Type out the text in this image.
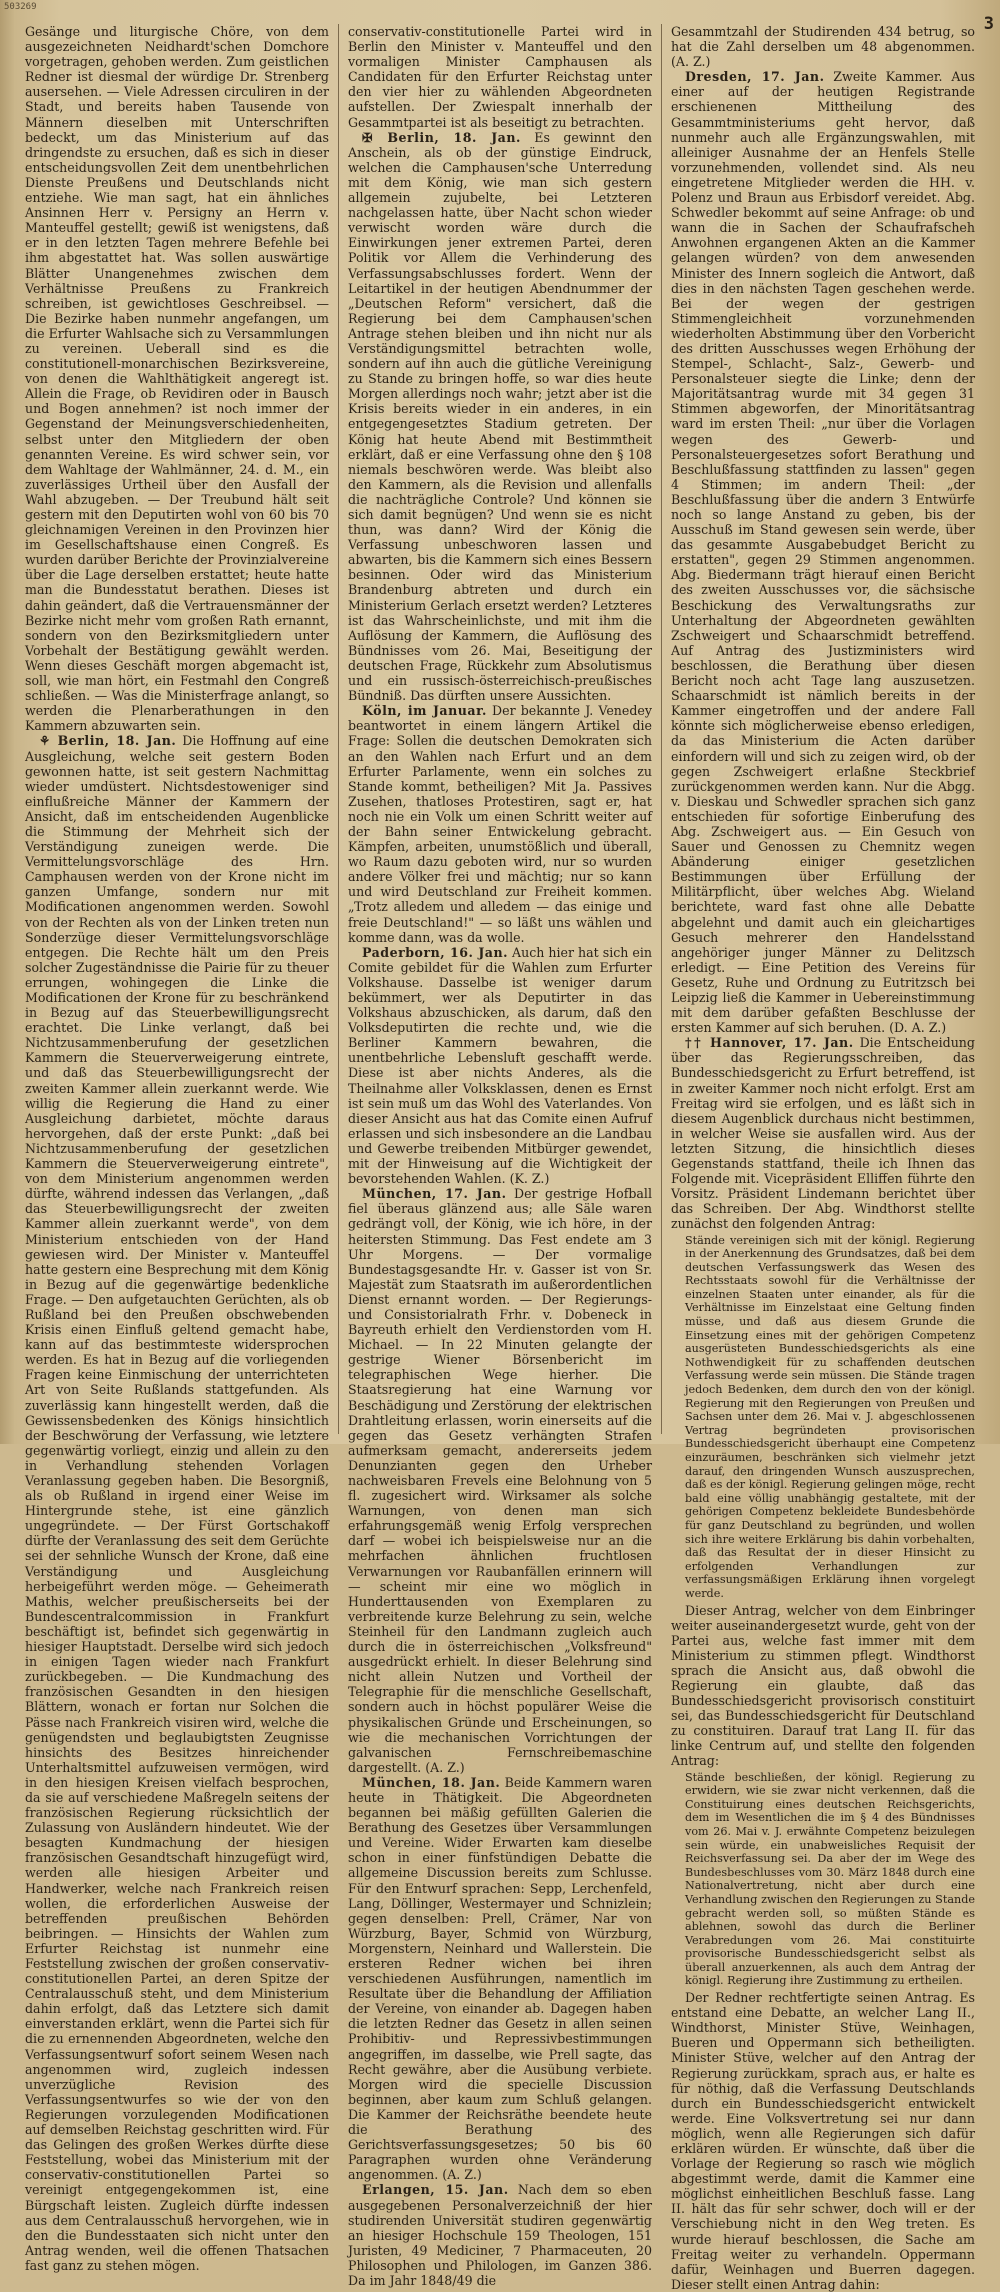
503269
3

Gesänge und liturgische Chöre, von dem ausgezeichneten Neidhardt'schen Domchore vorgetragen, gehoben werden. Zum geistlichen Redner ist diesmal der würdige Dr. Strenberg ausersehen. — Viele Adressen circuliren in der Stadt, und bereits haben Tausende von Männern dieselben mit Unterschriften bedeckt, um das Ministerium auf das dringendste zu ersuchen, daß es sich in dieser entscheidungsvollen Zeit dem unentbehrlichen Dienste Preußens und Deutschlands nicht entziehe. Wie man sagt, hat ein ähnliches Ansinnen Herr v. Persigny an Herrn v. Manteuffel gestellt; gewiß ist wenigstens, daß er in den letzten Tagen mehrere Befehle bei ihm abgestattet hat. Was sollen auswärtige Blätter Unangenehmes zwischen dem Verhältnisse Preußens zu Frankreich schreiben, ist gewichtloses Geschreibsel. — Die Bezirke haben nunmehr angefangen, um die Erfurter Wahlsache sich zu Versammlungen zu vereinen. Ueberall sind es die constitutionell-monarchischen Bezirksvereine, von denen die Wahlthätigkeit angeregt ist. Allein die Frage, ob Revidiren oder in Bausch und Bogen annehmen? ist noch immer der Gegenstand der Meinungsverschiedenheiten, selbst unter den Mitgliedern der oben genannten Vereine. Es wird schwer sein, vor dem Wahltage der Wahlmänner, 24. d. M., ein zuverlässiges Urtheil über den Ausfall der Wahl abzugeben. — Der Treubund hält seit gestern mit den Deputirten wohl von 60 bis 70 gleichnamigen Vereinen in den Provinzen hier im Gesellschaftshause einen Congreß. Es wurden darüber Berichte der Provinzialvereine über die Lage derselben erstattet; heute hatte man die Bundesstatut berathen. Dieses ist dahin geändert, daß die Vertrauensmänner der Bezirke nicht mehr vom großen Rath ernannt, sondern von den Bezirksmitgliedern unter Vorbehalt der Bestätigung gewählt werden. Wenn dieses Geschäft morgen abgemacht ist, soll, wie man hört, ein Festmahl den Congreß schließen. — Was die Ministerfrage anlangt, so werden die Plenarberathungen in den Kammern abzuwarten sein.

⚘ Berlin, 18. Jan. Die Hoffnung auf eine Ausgleichung, welche seit gestern Boden gewonnen hatte, ist seit gestern Nachmittag wieder umdüstert. Nichtsdestoweniger sind einflußreiche Männer der Kammern der Ansicht, daß im entscheidenden Augenblicke die Stimmung der Mehrheit sich der Verständigung zuneigen werde. Die Vermittelungsvorschläge des Hrn. Camphausen werden von der Krone nicht im ganzen Umfange, sondern nur mit Modificationen angenommen werden. Sowohl von der Rechten als von der Linken treten nun Sonderzüge dieser Vermittelungsvorschläge entgegen. Die Rechte hält um den Preis solcher Zugeständnisse die Pairie für zu theuer errungen, wohingegen die Linke die Modificationen der Krone für zu beschränkend in Bezug auf das Steuerbewilligungsrecht erachtet. Die Linke verlangt, daß bei Nichtzusammenberufung der gesetzlichen Kammern die Steuerverweigerung eintrete, und daß das Steuerbewilligungsrecht der zweiten Kammer allein zuerkannt werde. Wie willig die Regierung die Hand zu einer Ausgleichung darbietet, möchte daraus hervorgehen, daß der erste Punkt: „daß bei Nichtzusammenberufung der gesetzlichen Kammern die Steuerverweigerung eintrete", von dem Ministerium angenommen werden dürfte, während indessen das Verlangen, „daß das Steuerbewilligungsrecht der zweiten Kammer allein zuerkannt werde", von dem Ministerium entschieden von der Hand gewiesen wird. Der Minister v. Manteuffel hatte gestern eine Besprechung mit dem König in Bezug auf die gegenwärtige bedenkliche Frage. — Den aufgetauchten Gerüchten, als ob Rußland bei den Preußen obschwebenden Krisis einen Einfluß geltend gemacht habe, kann auf das bestimmteste widersprochen werden. Es hat in Bezug auf die vorliegenden Fragen keine Einmischung der unterrichteten Art von Seite Rußlands stattgefunden. Als zuverlässig kann hingestellt werden, daß die Gewissensbedenken des Königs hinsichtlich der Beschwörung der Verfassung, wie letztere gegenwärtig vorliegt, einzig und allein zu den in Verhandlung stehenden Vorlagen Veranlassung gegeben haben. Die Besorgniß, als ob Rußland in irgend einer Weise im Hintergrunde stehe, ist eine gänzlich ungegründete. — Der Fürst Gortschakoff dürfte der Veranlassung des seit dem Gerüchte sei der sehnliche Wunsch der Krone, daß eine Verständigung und Ausgleichung herbeigeführt werden möge. — Geheimerath Mathis, welcher preußischerseits bei der Bundescentralcommission in Frankfurt beschäftigt ist, befindet sich gegenwärtig in hiesiger Hauptstadt. Derselbe wird sich jedoch in einigen Tagen wieder nach Frankfurt zurückbegeben. — Die Kundmachung des französischen Gesandten in den hiesigen Blättern, wonach er fortan nur Solchen die Pässe nach Frankreich visiren wird, welche die genügendsten und beglaubigtsten Zeugnisse hinsichts des Besitzes hinreichender Unterhaltsmittel aufzuweisen vermögen, wird in den hiesigen Kreisen vielfach besprochen, da sie auf verschiedene Maßregeln seitens der französischen Regierung rücksichtlich der Zulassung von Ausländern hindeutet. Wie der besagten Kundmachung der hiesigen französischen Gesandtschaft hinzugefügt wird, werden alle hiesigen Arbeiter und Handwerker, welche nach Frankreich reisen wollen, die erforderlichen Ausweise der betreffenden preußischen Behörden beibringen. — Hinsichts der Wahlen zum Erfurter Reichstag ist nunmehr eine Feststellung zwischen der großen conservativ-constitutionellen Partei, an deren Spitze der Centralausschuß steht, und dem Ministerium dahin erfolgt, daß das Letztere sich damit einverstanden erklärt, wenn die Partei sich für die zu ernennenden Abgeordneten, welche den Verfassungsentwurf sofort seinem Wesen nach angenommen wird, zugleich indessen unverzügliche Revision des Verfassungsentwurfes so wie der von den Regierungen vorzulegenden Modificationen auf demselben Reichstag geschritten wird. Für das Gelingen des großen Werkes dürfte diese Feststellung, wobei das Ministerium mit der conservativ-constitutionellen Partei so vereinigt entgegengekommen ist, eine Bürgschaft leisten. Zugleich dürfte indessen aus dem Centralausschuß hervorgehen, wie in den die Bundesstaaten sich nicht unter den Antrag wenden, weil die offenen Thatsachen fast ganz zu stehen mögen.

conservativ-constitutionelle Partei wird in Berlin den Minister v. Manteuffel und den vormaligen Minister Camphausen als Candidaten für den Erfurter Reichstag unter den vier hier zu wählenden Abgeordneten aufstellen. Der Zwiespalt innerhalb der Gesammtpartei ist als beseitigt zu betrachten.

✠ Berlin, 18. Jan. Es gewinnt den Anschein, als ob der günstige Eindruck, welchen die Camphausen'sche Unterredung mit dem König, wie man sich gestern allgemein zujubelte, bei Letzteren nachgelassen hatte, über Nacht schon wieder verwischt worden wäre durch die Einwirkungen jener extremen Partei, deren Politik vor Allem die Verhinderung des Verfassungsabschlusses fordert. Wenn der Leitartikel in der heutigen Abendnummer der „Deutschen Reform" versichert, daß die Regierung bei dem Camphausen'schen Antrage stehen bleiben und ihn nicht nur als Verständigungsmittel betrachten wolle, sondern auf ihn auch die gütliche Vereinigung zu Stande zu bringen hoffe, so war dies heute Morgen allerdings noch wahr; jetzt aber ist die Krisis bereits wieder in ein anderes, in ein entgegengesetztes Stadium getreten. Der König hat heute Abend mit Bestimmtheit erklärt, daß er eine Verfassung ohne den § 108 niemals beschwören werde. Was bleibt also den Kammern, als die Revision und allenfalls die nachträgliche Controle? Und können sie sich damit begnügen? Und wenn sie es nicht thun, was dann? Wird der König die Verfassung unbeschworen lassen und abwarten, bis die Kammern sich eines Bessern besinnen. Oder wird das Ministerium Brandenburg abtreten und durch ein Ministerium Gerlach ersetzt werden? Letzteres ist das Wahrscheinlichste, und mit ihm die Auflösung der Kammern, die Auflösung des Bündnisses vom 26. Mai, Beseitigung der deutschen Frage, Rückkehr zum Absolutismus und ein russisch-österreichisch-preußisches Bündniß. Das dürften unsere Aussichten.

Köln, im Januar. Der bekannte J. Venedey beantwortet in einem längern Artikel die Frage: Sollen die deutschen Demokraten sich an den Wahlen nach Erfurt und an dem Erfurter Parlamente, wenn ein solches zu Stande kommt, betheiligen? Mit Ja. Passives Zusehen, thatloses Protestiren, sagt er, hat noch nie ein Volk um einen Schritt weiter auf der Bahn seiner Entwickelung gebracht. Kämpfen, arbeiten, unumstößlich und überall, wo Raum dazu geboten wird, nur so wurden andere Völker frei und mächtig; nur so kann und wird Deutschland zur Freiheit kommen. „Trotz alledem und alledem — das einige und freie Deutschland!" — so läßt uns wählen und komme dann, was da wolle.

Paderborn, 16. Jan. Auch hier hat sich ein Comite gebildet für die Wahlen zum Erfurter Volkshause. Dasselbe ist weniger darum bekümmert, wer als Deputirter in das Volkshaus abzuschicken, als darum, daß den Volksdeputirten die rechte und, wie die Berliner Kammern bewahren, die unentbehrliche Lebensluft geschafft werde. Diese ist aber nichts Anderes, als die Theilnahme aller Volksklassen, denen es Ernst ist sein muß um das Wohl des Vaterlandes. Von dieser Ansicht aus hat das Comite einen Aufruf erlassen und sich insbesondere an die Landbau und Gewerbe treibenden Mitbürger gewendet, mit der Hinweisung auf die Wichtigkeit der bevorstehenden Wahlen. (K. Z.)

München, 17. Jan. Der gestrige Hofball fiel überaus glänzend aus; alle Säle waren gedrängt voll, der König, wie ich höre, in der heitersten Stimmung. Das Fest endete am 3 Uhr Morgens. — Der vormalige Bundestagsgesandte Hr. v. Gasser ist von Sr. Majestät zum Staatsrath im außerordentlichen Dienst ernannt worden. — Der Regierungs- und Consistorialrath Frhr. v. Dobeneck in Bayreuth erhielt den Verdienstorden vom H. Michael. — In 22 Minuten gelangte der gestrige Wiener Börsenbericht im telegraphischen Wege hierher. Die Staatsregierung hat eine Warnung vor Beschädigung und Zerstörung der elektrischen Drahtleitung erlassen, worin einerseits auf die gegen das Gesetz verhängten Strafen aufmerksam gemacht, andererseits jedem Denunzianten gegen den Urheber nachweisbaren Frevels eine Belohnung von 5 fl. zugesichert wird. Wirksamer als solche Warnungen, von denen man sich erfahrungsgemäß wenig Erfolg versprechen darf — wobei ich beispielsweise nur an die mehrfachen ähnlichen fruchtlosen Verwarnungen vor Raubanfällen erinnern will — scheint mir eine wo möglich in Hunderttausenden von Exemplaren zu verbreitende kurze Belehrung zu sein, welche Steinheil für den Landmann zugleich auch durch die in österreichischen „Volksfreund" ausgedrückt erhielt. In dieser Belehrung sind nicht allein Nutzen und Vortheil der Telegraphie für die menschliche Gesellschaft, sondern auch in höchst populärer Weise die physikalischen Gründe und Erscheinungen, so wie die mechanischen Vorrichtungen der galvanischen Fernschreibemaschine dargestellt. (A. Z.)

München, 18. Jan. Beide Kammern waren heute in Thätigkeit. Die Abgeordneten begannen bei mäßig gefüllten Galerien die Berathung des Gesetzes über Versammlungen und Vereine. Wider Erwarten kam dieselbe schon in einer fünfstündigen Debatte die allgemeine Discussion bereits zum Schlusse. Für den Entwurf sprachen: Sepp, Lerchenfeld, Lang, Döllinger, Westermayer und Schnizlein; gegen denselben: Prell, Crämer, Nar von Würzburg, Bayer, Schmid von Würzburg, Morgenstern, Neinhard und Wallerstein. Die ersteren Redner wichen bei ihren verschiedenen Ausführungen, namentlich im Resultate über die Behandlung der Affiliation der Vereine, von einander ab. Dagegen haben die letzten Redner das Gesetz in allen seinen Prohibitiv- und Repressivbestimmungen angegriffen, im dasselbe, wie Prell sagte, das Recht gewähre, aber die Ausübung verbiete. Morgen wird die specielle Discussion beginnen, aber kaum zum Schluß gelangen. Die Kammer der Reichsräthe beendete heute die Berathung des Gerichtsverfassungsgesetzes; 50 bis 60 Paragraphen wurden ohne Veränderung angenommen. (A. Z.)

Erlangen, 15. Jan. Nach dem so eben ausgegebenen Personalverzeichniß der hier studirenden Universität studiren gegenwärtig an hiesiger Hochschule 159 Theologen, 151 Juristen, 49 Mediciner, 7 Pharmaceuten, 20 Philosophen und Philologen, im Ganzen 386. Da im Jahr 1848/49 die

Gesammtzahl der Studirenden 434 betrug, so hat die Zahl derselben um 48 abgenommen. (A. Z.)

Dresden, 17. Jan. Zweite Kammer. Aus einer auf der heutigen Registrande erschienenen Mittheilung des Gesammtministeriums geht hervor, daß nunmehr auch alle Ergänzungswahlen, mit alleiniger Ausnahme der an Henfels Stelle vorzunehmenden, vollendet sind. Als neu eingetretene Mitglieder werden die HH. v. Polenz und Braun aus Erbisdorf vereidet. Abg. Schwedler bekommt auf seine Anfrage: ob und wann die in Sachen der Schaufrafscheh Anwohnen ergangenen Akten an die Kammer gelangen würden? von dem anwesenden Minister des Innern sogleich die Antwort, daß dies in den nächsten Tagen geschehen werde. Bei der wegen der gestrigen Stimmengleichheit vorzunehmenden wiederholten Abstimmung über den Vorbericht des dritten Ausschusses wegen Erhöhung der Stempel-, Schlacht-, Salz-, Gewerb- und Personalsteuer siegte die Linke; denn der Majoritätsantrag wurde mit 34 gegen 31 Stimmen abgeworfen, der Minoritätsantrag ward im ersten Theil: „nur über die Vorlagen wegen des Gewerb- und Personalsteuergesetzes sofort Berathung und Beschlußfassung stattfinden zu lassen" gegen 4 Stimmen; im andern Theil: „der Beschlußfassung über die andern 3 Entwürfe noch so lange Anstand zu geben, bis der Ausschuß im Stand gewesen sein werde, über das gesammte Ausgabebudget Bericht zu erstatten", gegen 29 Stimmen angenommen. Abg. Biedermann trägt hierauf einen Bericht des zweiten Ausschusses vor, die sächsische Beschickung des Verwaltungsraths zur Unterhaltung der Abgeordneten gewählten Zschweigert und Schaarschmidt betreffend. Auf Antrag des Justizministers wird beschlossen, die Berathung über diesen Bericht noch acht Tage lang auszusetzen. Schaarschmidt ist nämlich bereits in der Kammer eingetroffen und der andere Fall könnte sich möglicherweise ebenso erledigen, da das Ministerium die Acten darüber einfordern will und sich zu zeigen wird, ob der gegen Zschweigert erlaßne Steckbrief zurückgenommen werden kann. Nur die Abgg. v. Dieskau und Schwedler sprachen sich ganz entschieden für sofortige Einberufung des Abg. Zschweigert aus. — Ein Gesuch von Sauer und Genossen zu Chemnitz wegen Abänderung einiger gesetzlichen Bestimmungen über Erfüllung der Militärpflicht, über welches Abg. Wieland berichtete, ward fast ohne alle Debatte abgelehnt und damit auch ein gleichartiges Gesuch mehrerer den Handelsstand angehöriger junger Männer zu Delitzsch erledigt. — Eine Petition des Vereins für Gesetz, Ruhe und Ordnung zu Eutritzsch bei Leipzig ließ die Kammer in Uebereinstimmung mit dem darüber gefaßten Beschlusse der ersten Kammer auf sich beruhen. (D. A. Z.)

†† Hannover, 17. Jan. Die Entscheidung über das Regierungsschreiben, das Bundesschiedsgericht zu Erfurt betreffend, ist in zweiter Kammer noch nicht erfolgt. Erst am Freitag wird sie erfolgen, und es läßt sich in diesem Augenblick durchaus nicht bestimmen, in welcher Weise sie ausfallen wird. Aus der letzten Sitzung, die hinsichtlich dieses Gegenstands stattfand, theile ich Ihnen das Folgende mit. Vicepräsident Elliffen führte den Vorsitz. Präsident Lindemann berichtet über das Schreiben. Der Abg. Windthorst stellte zunächst den folgenden Antrag:

Stände vereinigen sich mit der königl. Regierung in der Anerkennung des Grundsatzes, daß bei dem deutschen Verfassungswerk das Wesen des Rechtsstaats sowohl für die Verhältnisse der einzelnen Staaten unter einander, als für die Verhältnisse im Einzelstaat eine Geltung finden müsse, und daß aus diesem Grunde die Einsetzung eines mit der gehörigen Competenz ausgerüsteten Bundesschiedsgerichts als eine Nothwendigkeit für zu schaffenden deutschen Verfassung werde sein müssen. Die Stände tragen jedoch Bedenken, dem durch den von der königl. Regierung mit den Regierungen von Preußen und Sachsen unter dem 26. Mai v. J. abgeschlossenen Vertrag begründeten provisorischen Bundesschiedsgericht überhaupt eine Competenz einzuräumen, beschränken sich vielmehr jetzt darauf, den dringenden Wunsch auszusprechen, daß es der königl. Regierung gelingen möge, recht bald eine völlig unabhängig gestaltete, mit der gehörigen Competenz bekleidete Bundesbehörde für ganz Deutschland zu begründen, und wollen sich ihre weitere Erklärung bis dahin vorbehalten, daß das Resultat der in dieser Hinsicht zu erfolgenden Verhandlungen zur verfassungsmäßigen Erklärung ihnen vorgelegt werde.

Dieser Antrag, welcher von dem Einbringer weiter auseinandergesetzt wurde, geht von der Partei aus, welche fast immer mit dem Ministerium zu stimmen pflegt. Windthorst sprach die Ansicht aus, daß obwohl die Regierung ein glaubte, daß das Bundesschiedsgericht provisorisch constituirt sei, das Bundesschiedsgericht für Deutschland zu constituiren. Darauf trat Lang II. für das linke Centrum auf, und stellte den folgenden Antrag:

Stände beschließen, der königl. Regierung zu erwidern, wie sie zwar nicht verkennen, daß die Constituirung eines deutschen Reichsgerichts, dem im Wesentlichen die im § 4 des Bündnisses vom 26. Mai v. J. erwähnte Competenz beizulegen sein würde, ein unabweisliches Requisit der Reichsverfassung sei. Da aber der im Wege des Bundesbeschlusses vom 30. März 1848 durch eine Nationalvertretung, nicht aber durch eine Verhandlung zwischen den Regierungen zu Stande gebracht werden soll, so müßten Stände es ablehnen, sowohl das durch die Berliner Verabredungen vom 26. Mai constituirte provisorische Bundesschiedsgericht selbst als überall anzuerkennen, als auch dem Antrag der königl. Regierung ihre Zustimmung zu ertheilen.

Der Redner rechtfertigte seinen Antrag. Es entstand eine Debatte, an welcher Lang II., Windthorst, Minister Stüve, Weinhagen, Bueren und Oppermann sich betheiligten. Minister Stüve, welcher auf den Antrag der Regierung zurückkam, sprach aus, er halte es für nöthig, daß die Verfassung Deutschlands durch ein Bundesschiedsgericht entwickelt werde. Eine Volksvertretung sei nur dann möglich, wenn alle Regierungen sich dafür erklären würden. Er wünschte, daß über die Vorlage der Regierung so rasch wie möglich abgestimmt werde, damit die Kammer eine möglichst einheitlichen Beschluß fasse. Lang II. hält das für sehr schwer, doch will er der Verschiebung nicht in den Weg treten. Es wurde hierauf beschlossen, die Sache am Freitag weiter zu verhandeln. Oppermann dafür, Weinhagen und Buerren dagegen. Dieser stellt einen Antrag dahin:
